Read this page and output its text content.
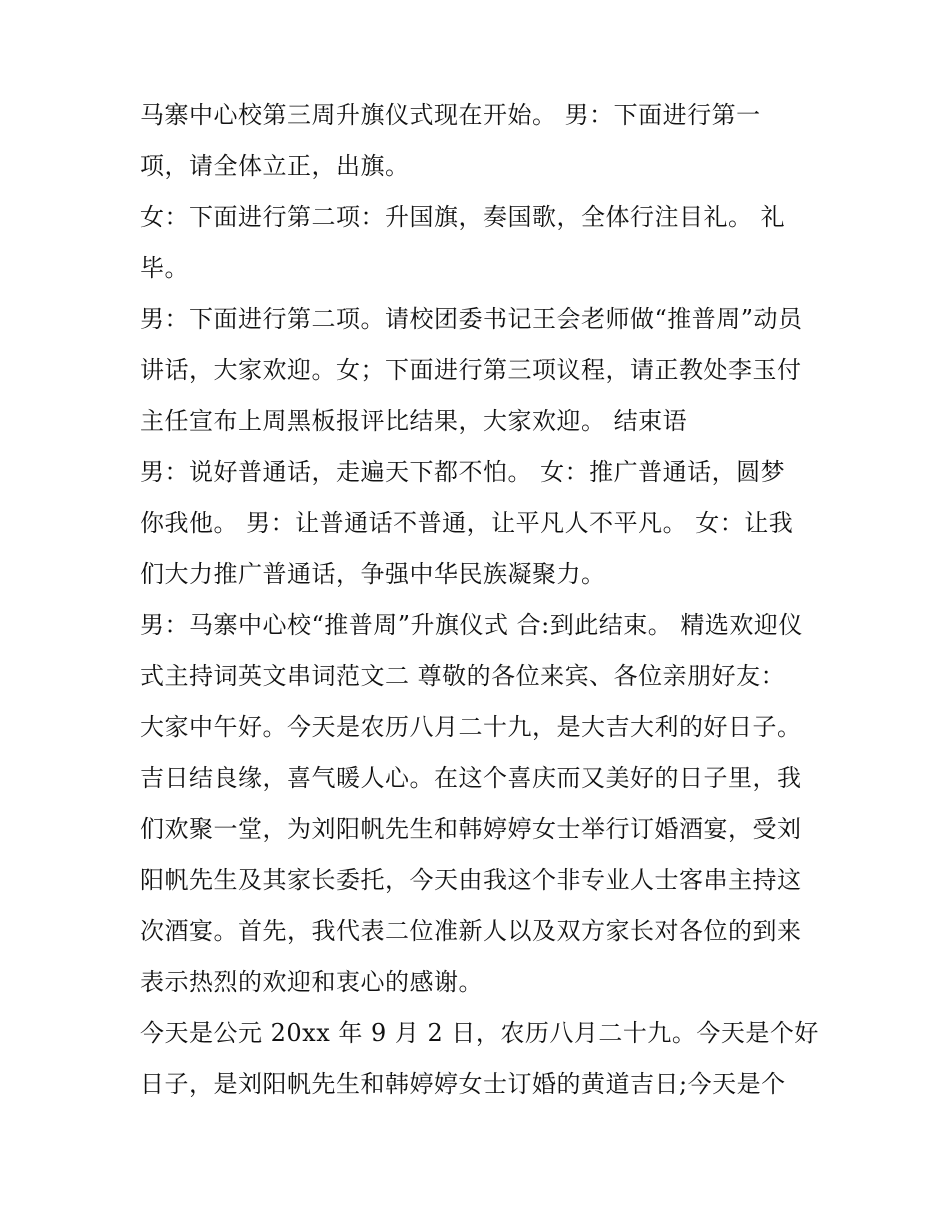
马寨中心校第三周升旗仪式现在开始。 男：下面进行第一
项，请全体立正，出旗。
女：下面进行第二项：升国旗，奏国歌，全体行注目礼。 礼
毕。
男：下面进行第二项。请校团委书记王会老师做“推普周”动员
讲话，大家欢迎。女；下面进行第三项议程，请正教处李玉付
主任宣布上周黑板报评比结果，大家欢迎。 结束语
男：说好普通话，走遍天下都不怕。 女：推广普通话，圆梦
你我他。 男：让普通话不普通，让平凡人不平凡。 女：让我
们大力推广普通话，争强中华民族凝聚力。
男：马寨中心校“推普周”升旗仪式 合:到此结束。 精选欢迎仪
式主持词英文串词范文二 尊敬的各位来宾、各位亲朋好友：
大家中午好。今天是农历八月二十九，是大吉大利的好日子。
吉日结良缘，喜气暖人心。在这个喜庆而又美好的日子里，我
们欢聚一堂，为刘阳帆先生和韩婷婷女士举行订婚酒宴，受刘
阳帆先生及其家长委托，今天由我这个非专业人士客串主持这
次酒宴。首先，我代表二位准新人以及双方家长对各位的到来
表示热烈的欢迎和衷心的感谢。
今天是公元 20xx 年 9 月 2 日，农历八月二十九。今天是个好
日子，是刘阳帆先生和韩婷婷女士订婚的黄道吉日;今天是个
